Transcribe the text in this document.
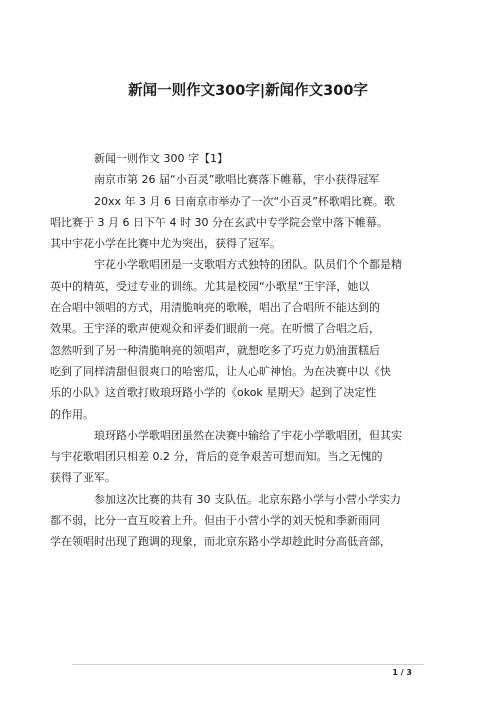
新闻一则作文300字|新闻作文300字

新闻一则作文 300 字【1】

南京市第 26 届“小百灵”歌唱比赛落下帷幕，宇小获得冠军

20xx 年 3 月 6 日南京市举办了一次“小百灵”杯歌唱比赛。歌
唱比赛于 3 月 6 日下午 4 时 30 分在玄武中专学院会堂中落下帷幕。
其中宇花小学在比赛中尤为突出，获得了冠军。

宇花小学歌唱团是一支歌唱方式独特的团队。队员们个个都是精
英中的精英，受过专业的训练。尤其是校园“小歌星”王宇泽，她以
在合唱中领唱的方式，用清脆响亮的歌喉，唱出了合唱所不能达到的
效果。王宇泽的歌声使观众和评委们眼前一亮。在听惯了合唱之后，
忽然听到了另一种清脆响亮的领唱声，就想吃多了巧克力奶油蛋糕后
吃到了同样清甜但很爽口的哈密瓜，让人心旷神怡。为在决赛中以《快
乐的小队》这首歌打败琅玡路小学的《okok 星期天》起到了决定性
的作用。

琅玡路小学歌唱团虽然在决赛中输给了宇花小学歌唱团，但其实
与宇花歌唱团只相差 0.2 分，背后的竞争艰苦可想而知。当之无愧的
获得了亚军。

参加这次比赛的共有 30 支队伍。北京东路小学与小营小学实力
都不弱，比分一直互咬着上升。但由于小营小学的刘天悦和季新雨同
学在领唱时出现了跑调的现象，而北京东路小学却趁此时分高低音部，

1 / 3
